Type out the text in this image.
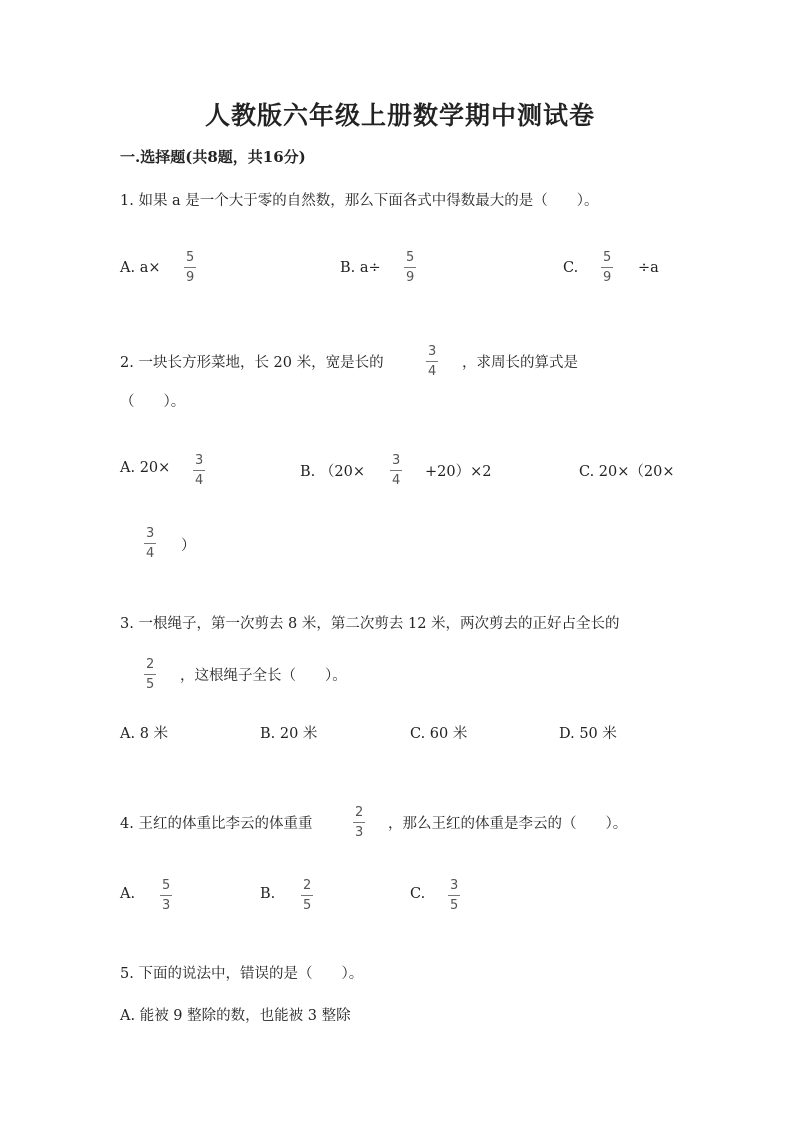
人教版六年级上册数学期中测试卷
一.选择题(共8题，共16分)
1. 如果 a 是一个大于零的自然数，那么下面各式中得数最大的是（　　）。
A. a×
5
9
B. a÷
5
9
C.
5
9
÷a
2. 一块长方形菜地，长 20 米，宽是长的
3
4
，求周长的算式是
（　　）。
A. 20× 3
4
B. （20×
3
4
+20）×2	C. 20×（20×
3
4 ）
3. 一根绳子，第一次剪去 8 米，第二次剪去 12 米，两次剪去的正好占全长的
2
5
，这根绳子全长（　　）。
A. 8 米	B. 20 米	C. 60 米	D. 50 米
4. 王红的体重比李云的体重重
2
3
，那么王红的体重是李云的（　　）。
A.
5
3
B.
2
5
C.
3
5
5. 下面的说法中，错误的是（　　）。
A. 能被 9 整除的数，也能被 3 整除
